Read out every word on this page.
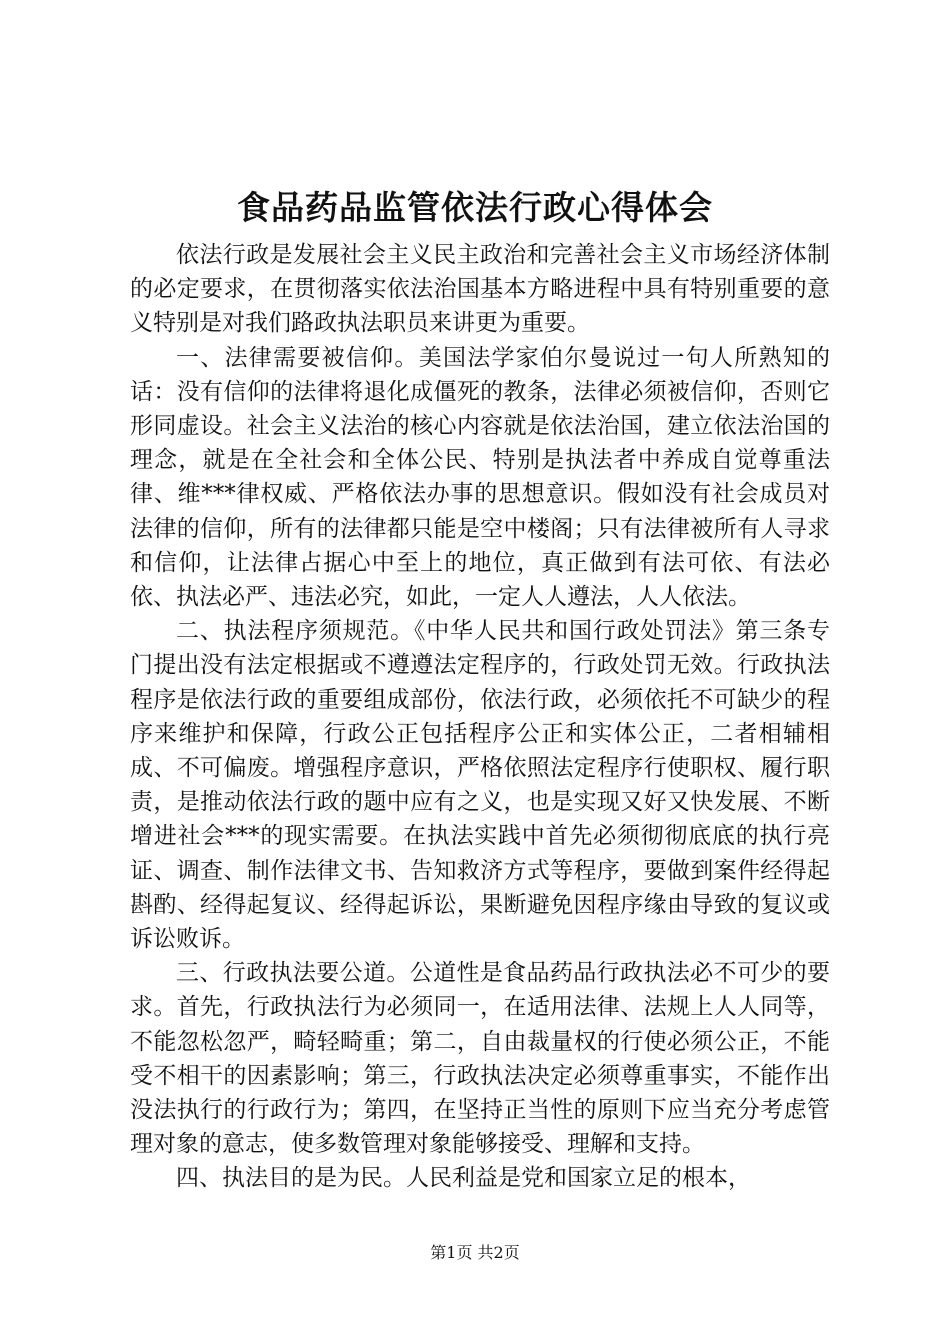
食品药品监管依法行政心得体会

依法行政是发展社会主义民主政治和完善社会主义市场经济体制的必定要求，在贯彻落实依法治国基本方略进程中具有特别重要的意义特别是对我们路政执法职员来讲更为重要。

一、法律需要被信仰。美国法学家伯尔曼说过一句人所熟知的话：没有信仰的法律将退化成僵死的教条，法律必须被信仰，否则它形同虚设。社会主义法治的核心内容就是依法治国，建立依法治国的理念，就是在全社会和全体公民、特别是执法者中养成自觉尊重法律、维***律权威、严格依法办事的思想意识。假如没有社会成员对法律的信仰，所有的法律都只能是空中楼阁；只有法律被所有人寻求和信仰，让法律占据心中至上的地位，真正做到有法可依、有法必依、执法必严、违法必究，如此，一定人人遵法，人人依法。

二、执法程序须规范。《中华人民共和国行政处罚法》第三条专门提出没有法定根据或不遵遵法定程序的，行政处罚无效。行政执法程序是依法行政的重要组成部份，依法行政，必须依托不可缺少的程序来维护和保障，行政公正包括程序公正和实体公正，二者相辅相成、不可偏废。增强程序意识，严格依照法定程序行使职权、履行职责，是推动依法行政的题中应有之义，也是实现又好又快发展、不断增进社会***的现实需要。在执法实践中首先必须彻彻底底的执行亮证、调查、制作法律文书、告知救济方式等程序，要做到案件经得起斟酌、经得起复议、经得起诉讼，果断避免因程序缘由导致的复议或诉讼败诉。

三、行政执法要公道。公道性是食品药品行政执法必不可少的要求。首先，行政执法行为必须同一，在适用法律、法规上人人同等，不能忽松忽严，畸轻畸重；第二，自由裁量权的行使必须公正，不能受不相干的因素影响；第三，行政执法决定必须尊重事实，不能作出没法执行的行政行为；第四，在坚持正当性的原则下应当充分考虑管理对象的意志，使多数管理对象能够接受、理解和支持。

四、执法目的是为民。人民利益是党和国家立足的根本，

第1页 共2页
